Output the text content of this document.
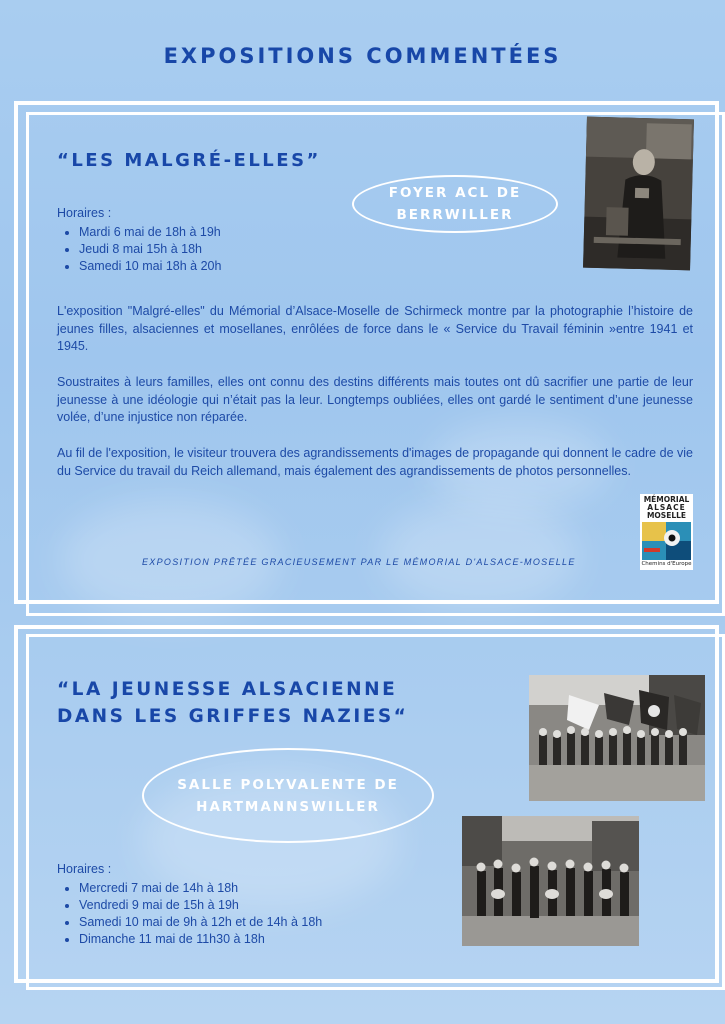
EXPOSITIONS COMMENTÉES
“LES MALGRÉ-ELLES”
FOYER ACL DE
BERRWILLER
Horaires :
• Mardi 6 mai de 18h à 19h
• Jeudi 8 mai 15h à 18h
• Samedi 10 mai 18h à 20h
L'exposition "Malgré-elles" du Mémorial d’Alsace-Moselle de Schirmeck montre par la photographie l’histoire de jeunes filles, alsaciennes et mosellanes, enrôlées de force dans le « Service du Travail féminin »entre 1941 et 1945.
Soustraites à leurs familles, elles ont connu des destins différents mais toutes ont dû sacrifier une partie de leur jeunesse à une idéologie qui n’était pas la leur. Longtemps oubliées, elles ont gardé le sentiment d’une jeunesse volée, d’une injustice non réparée.
Au fil de l'exposition, le visiteur trouvera des agrandissements d'images de propagande qui donnent le cadre de vie du Service du travail du Reich allemand, mais également des agrandissements de photos personnelles.
MÉMORIAL
ALSACE
MOSELLE
Chemins d'Europe
EXPOSITION PRÊTÉE GRACIEUSEMENT PAR LE MÉMORIAL D'ALSACE-MOSELLE
“LA JEUNESSE ALSACIENNE
DANS LES GRIFFES NAZIES“
SALLE POLYVALENTE DE
HARTMANNSWILLER
Horaires :
• Mercredi 7 mai de 14h à 18h
• Vendredi 9 mai de 15h à 19h
• Samedi 10 mai de 9h à 12h et de 14h à 18h
• Dimanche 11 mai de 11h30 à 18h
